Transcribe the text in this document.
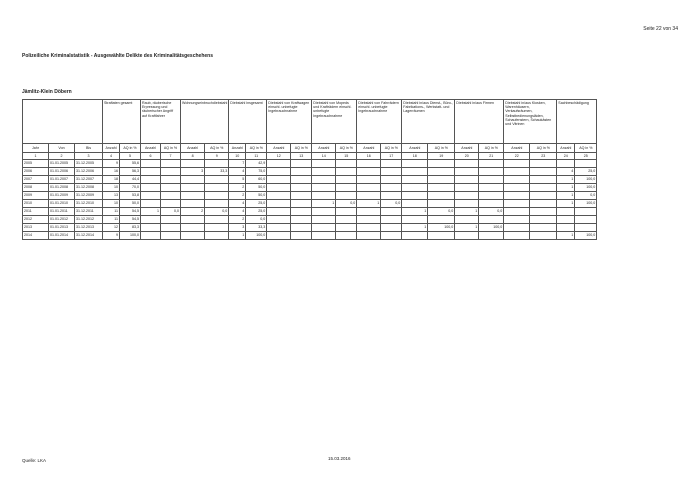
Seite 22 von 34
Polizeiliche Kriminalstatistik - Ausgewählte Delikte des Kriminalitätsgeschehens
Jämlitz-Klein Döbern
			Straftaten gesamt		Raub, räuberische Erpressung und räuberischer Angriff auf Kraftfahrer		Wohnungseinbruchdiebstahl		Diebstahl insgesamt		Diebstahl von Kraftwagen einschl. unbefugte Ingebrauchnahme		Diebstahl von Mopeds und Krafträdern einschl. unbefugte Ingebrauchnahme		Diebstahl von Fahrrädern einschl. unbefugte Ingebrauchnahme		Diebstahl in/aus Dienst-, Büro-, Fabrikations-, Werkstatt- und Lagerräumen		Diebstahl in/aus Firmen		Diebstahl in/aus Kiosken, Warenhäusern, Verkaufsräumen, Selbstbedienungsläden, Schaufenstern, Schaukästen und Vitrinen		Sachbeschädigung	
Jahr	Von	Bis	Anzahl	AQ in %	Anzahl	AQ in %	Anzahl	AQ in %	Anzahl	AQ in %	Anzahl	AQ in %	Anzahl	AQ in %	Anzahl	AQ in %	Anzahl	AQ in %	Anzahl	AQ in %	Anzahl	AQ in %	Anzahl	AQ in %
1	2	3	4	5	6	7	8	9	10	11	12	13	14	15	16	17	18	19	20	21	22	23	24	25
2005	01.01.2005	31.12.2005	9	55,6					7	42,9														
2006	01.01.2006	31.12.2006	16	56,3			3	33,3	4	75,0													4	25,0
2007	01.01.2007	31.12.2007	18	44,4					5	60,0													1	100,0
2008	01.01.2008	31.12.2008	10	70,0					2	50,0													1	100,0
2009	01.01.2009	31.12.2009	13	53,8					2	50,0													1	0,0
2010	01.01.2010	31.12.2010	10	50,0					4	25,0			1	0,0	1	0,0							1	100,0
2011	01.01.2011	31.12.2011	11	54,5	1	0,0	2	0,0	4	25,0							1	0,0	1	0,0				
2012	01.01.2012	31.12.2012	11	54,5					2	0,0														
2013	01.01.2013	31.12.2013	12	83,3					3	33,3							1	100,0	1	100,0				
2014	01.01.2014	31.12.2014	9	100,0					1	100,0													1	100,0
Quelle: LKA	15.03.2016
